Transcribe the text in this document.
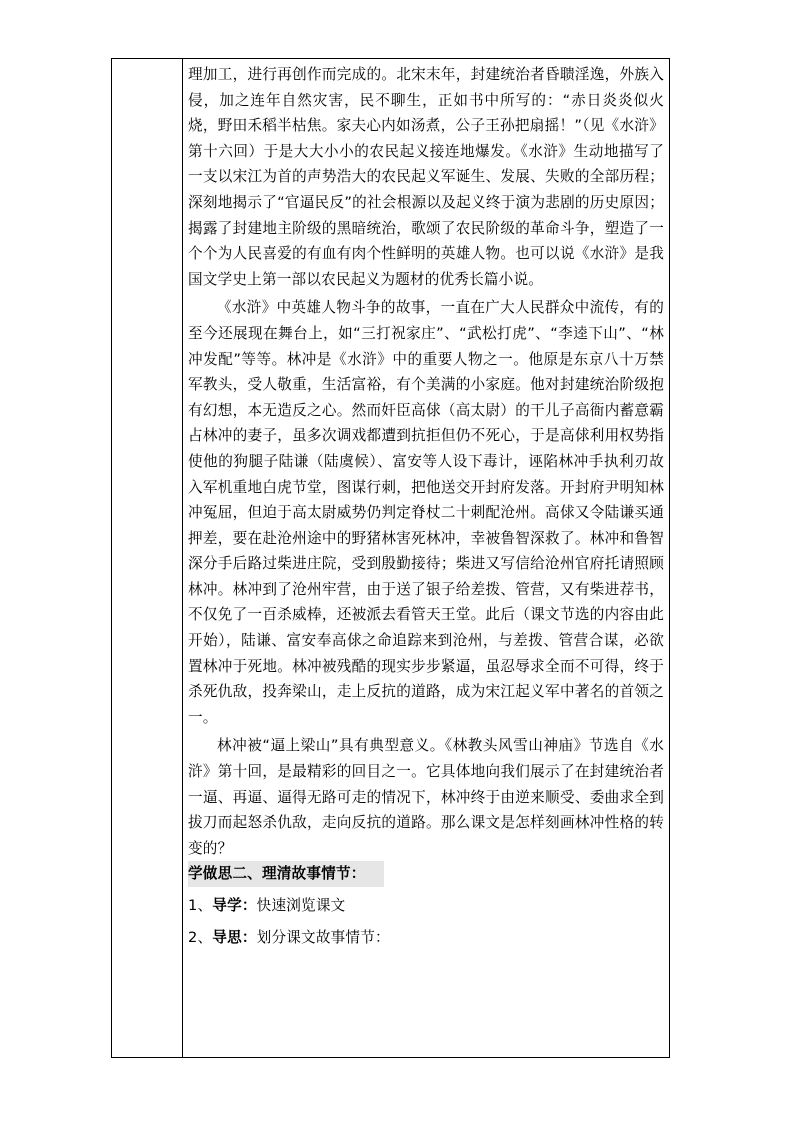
理加工，进行再创作而完成的。北宋末年，封建统治者昏聩淫逸，外族入侵，加之连年自然灾害，民不聊生，正如书中所写的：“赤日炎炎似火烧，野田禾稻半枯焦。家夫心内如汤煮，公子王孙把扇摇！”（见《水浒》第十六回）于是大大小小的农民起义接连地爆发。《水浒》生动地描写了一支以宋江为首的声势浩大的农民起义军诞生、发展、失败的全部历程；深刻地揭示了“官逼民反”的社会根源以及起义终于演为悲剧的历史原因；揭露了封建地主阶级的黑暗统治，歌颂了农民阶级的革命斗争，塑造了一个个为人民喜爱的有血有肉个性鲜明的英雄人物。也可以说《水浒》是我国文学史上第一部以农民起义为题材的优秀长篇小说。

《水浒》中英雄人物斗争的故事，一直在广大人民群众中流传，有的至今还展现在舞台上，如“三打祝家庄”、“武松打虎”、“李逵下山”、“林冲发配”等等。林冲是《水浒》中的重要人物之一。他原是东京八十万禁军教头，受人敬重，生活富裕，有个美满的小家庭。他对封建统治阶级抱有幻想，本无造反之心。然而奸臣高俅（高太尉）的干儿子高衙内蓄意霸占林冲的妻子，虽多次调戏都遭到抗拒但仍不死心，于是高俅利用权势指使他的狗腿子陆谦（陆虞候）、富安等人设下毒计，诬陷林冲手执利刃故入军机重地白虎节堂，图谋行刺，把他送交开封府发落。开封府尹明知林冲冤屈，但迫于高太尉威势仍判定脊杖二十刺配沧州。高俅又令陆谦买通押差，要在赴沧州途中的野猪林害死林冲，幸被鲁智深救了。林冲和鲁智深分手后路过柴进庄院，受到殷勤接待；柴进又写信给沧州官府托请照顾林冲。林冲到了沧州牢营，由于送了银子给差拨、管营，又有柴进荐书，不仅免了一百杀威棒，还被派去看管天王堂。此后（课文节选的内容由此开始），陆谦、富安奉高俅之命追踪来到沧州，与差拨、管营合谋，必欲置林冲于死地。林冲被残酷的现实步步紧逼，虽忍辱求全而不可得，终于杀死仇敌，投奔梁山，走上反抗的道路，成为宋江起义军中著名的首领之一。

林冲被“逼上梁山”具有典型意义。《林教头风雪山神庙》节选自《水浒》第十回，是最精彩的回目之一。它具体地向我们展示了在封建统治者一逼、再逼、逼得无路可走的情况下，林冲终于由逆来顺受、委曲求全到拔刀而起怒杀仇敌，走向反抗的道路。那么课文是怎样刻画林冲性格的转变的？

学做思二、理清故事情节：
1、导学：快速浏览课文
2、导思：划分课文故事情节：
